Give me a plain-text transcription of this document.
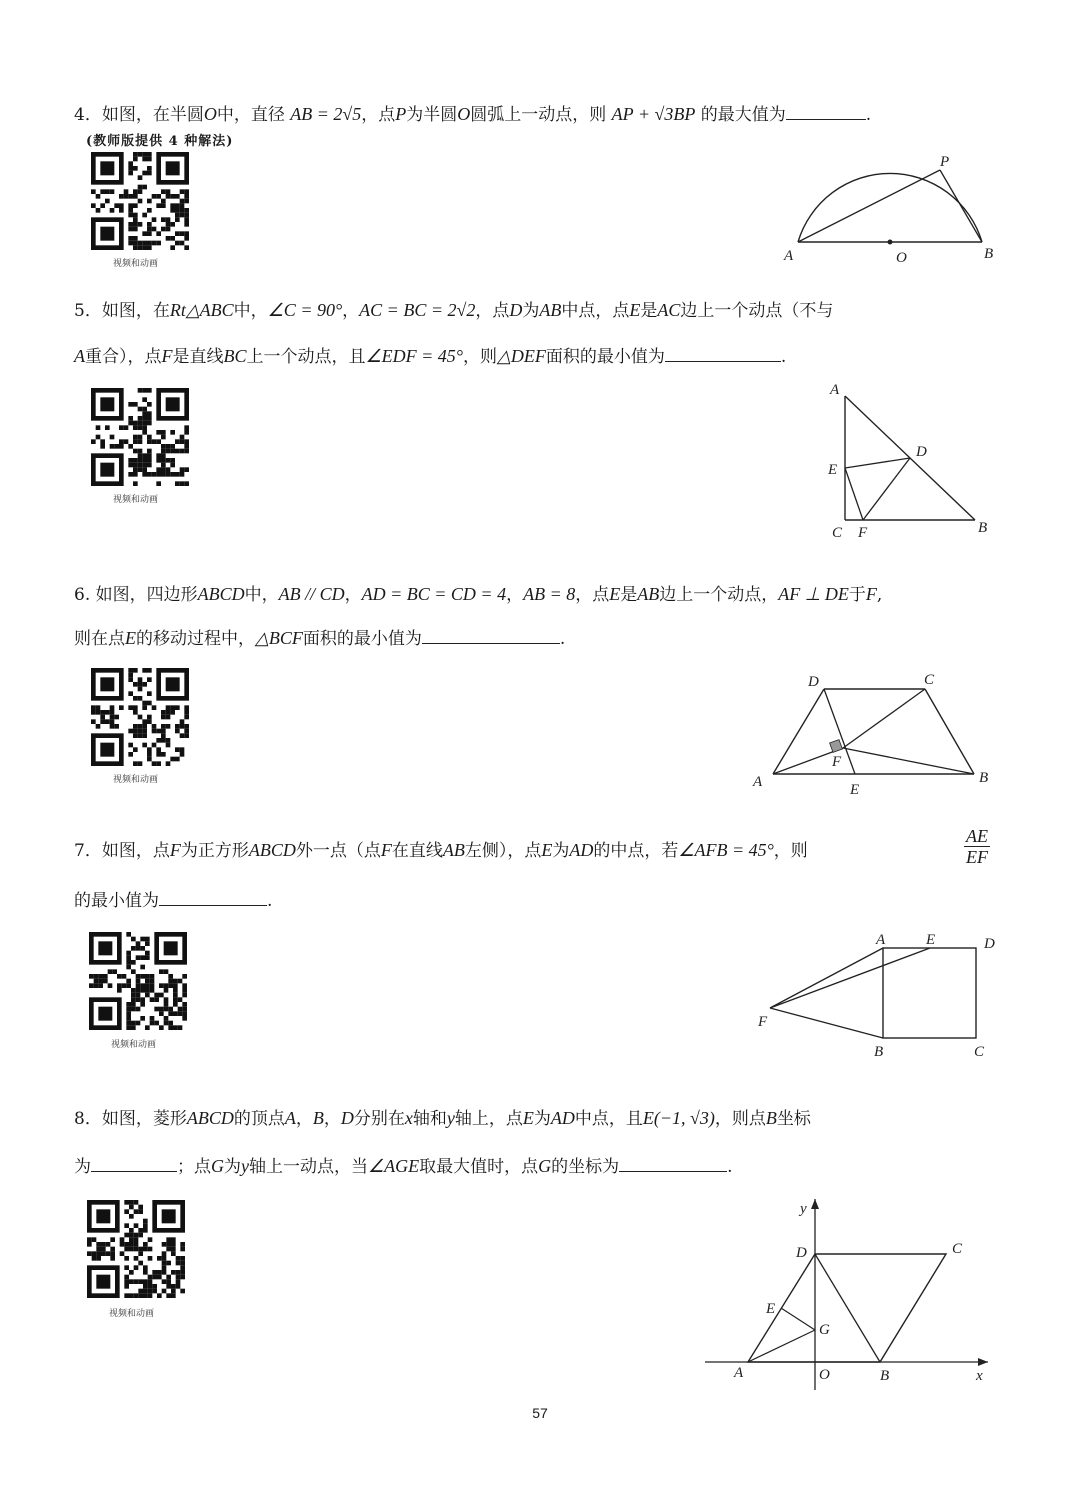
4．如图，在半圆O中，直径 AB = 2√5，点P为半圆O圆弧上一动点，则 AP + √3BP 的最大值为	.
(教师版提供 4 种解法)
视频和动画	A	O	B
P
5．如图，在Rt△ABC中，∠C = 90°，AC = BC = 2√2，点D为AB中点，点E是AC边上一个动点（不与
A重合），点F是直线BC上一个动点，且∠EDF = 45°，则△DEF面积的最小值为	.
视频和动画
A
E
D
C F	B
6. 如图，四边形ABCD中，AB // CD，AD = BC = CD = 4，AB = 8，点E是AB边上一个动点，AF ⊥ DE于F,
则在点E的移动过程中，△BCF面积的最小值为	.
视频和动画
D	C
A
F
E
B
7．如图，点F为正方形ABCD外一点（点F在直线AB左侧），点E为AD的中点，若∠AFB = 45°，则	$\frac{AE}{EF}$
的最小值为	.
视频和动画
A	E	D
F
B	C
8．如图，菱形ABCD的顶点A，B，D分别在x轴和y轴上，点E为AD中点，且E(−1, √3)，则点B坐标
为	；点G为y轴上一动点，当∠AGE取最大值时，点G的坐标为	.
视频和动画
y
D	C
E
G
A	O	B	x
57
